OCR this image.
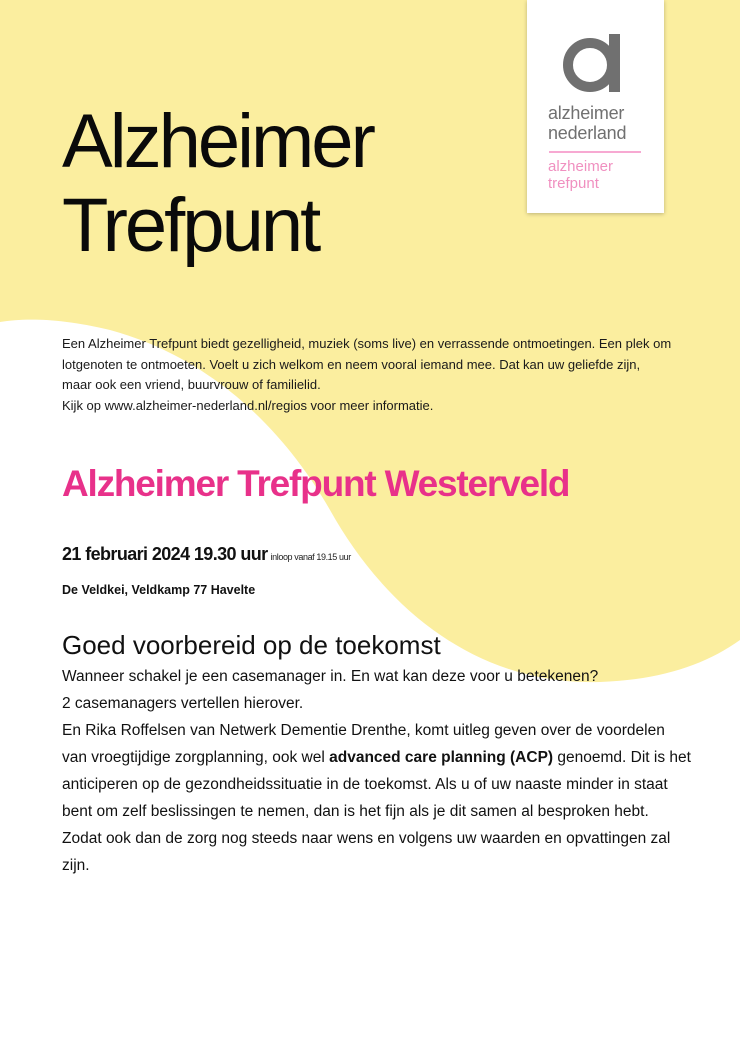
alzheimer
nederland
alzheimer
trefpunt
Alzheimer
Trefpunt

Een Alzheimer Trefpunt biedt gezelligheid, muziek (soms live) en verrassende ontmoetingen. Een plek om lotgenoten te ontmoeten. Voelt u zich welkom en neem vooral iemand mee. Dat kan uw geliefde zijn, maar ook een vriend, buurvrouw of familielid.

Kijk op www.alzheimer-nederland.nl/regios voor meer informatie.

Alzheimer Trefpunt Westerveld
21 februari 2024 19.30 uur inloop vanaf 19.15 uur
De Veldkei, Veldkamp 77 Havelte
Goed voorbereid op de toekomst

Wanneer schakel je een casemanager in. En wat kan deze voor u betekenen?

2 casemanagers vertellen hierover.

En Rika Roffelsen van Netwerk Dementie Drenthe, komt uitleg geven over de voordelen van vroegtijdige zorgplanning, ook wel advanced care planning (ACP) genoemd. Dit is het anticiperen op de gezondheidssituatie in de toekomst. Als u of uw naaste minder in staat bent om zelf beslissingen te nemen, dan is het fijn als je dit samen al besproken hebt. Zodat ook dan de zorg nog steeds naar wens en volgens uw waarden en opvattingen zal zijn.
